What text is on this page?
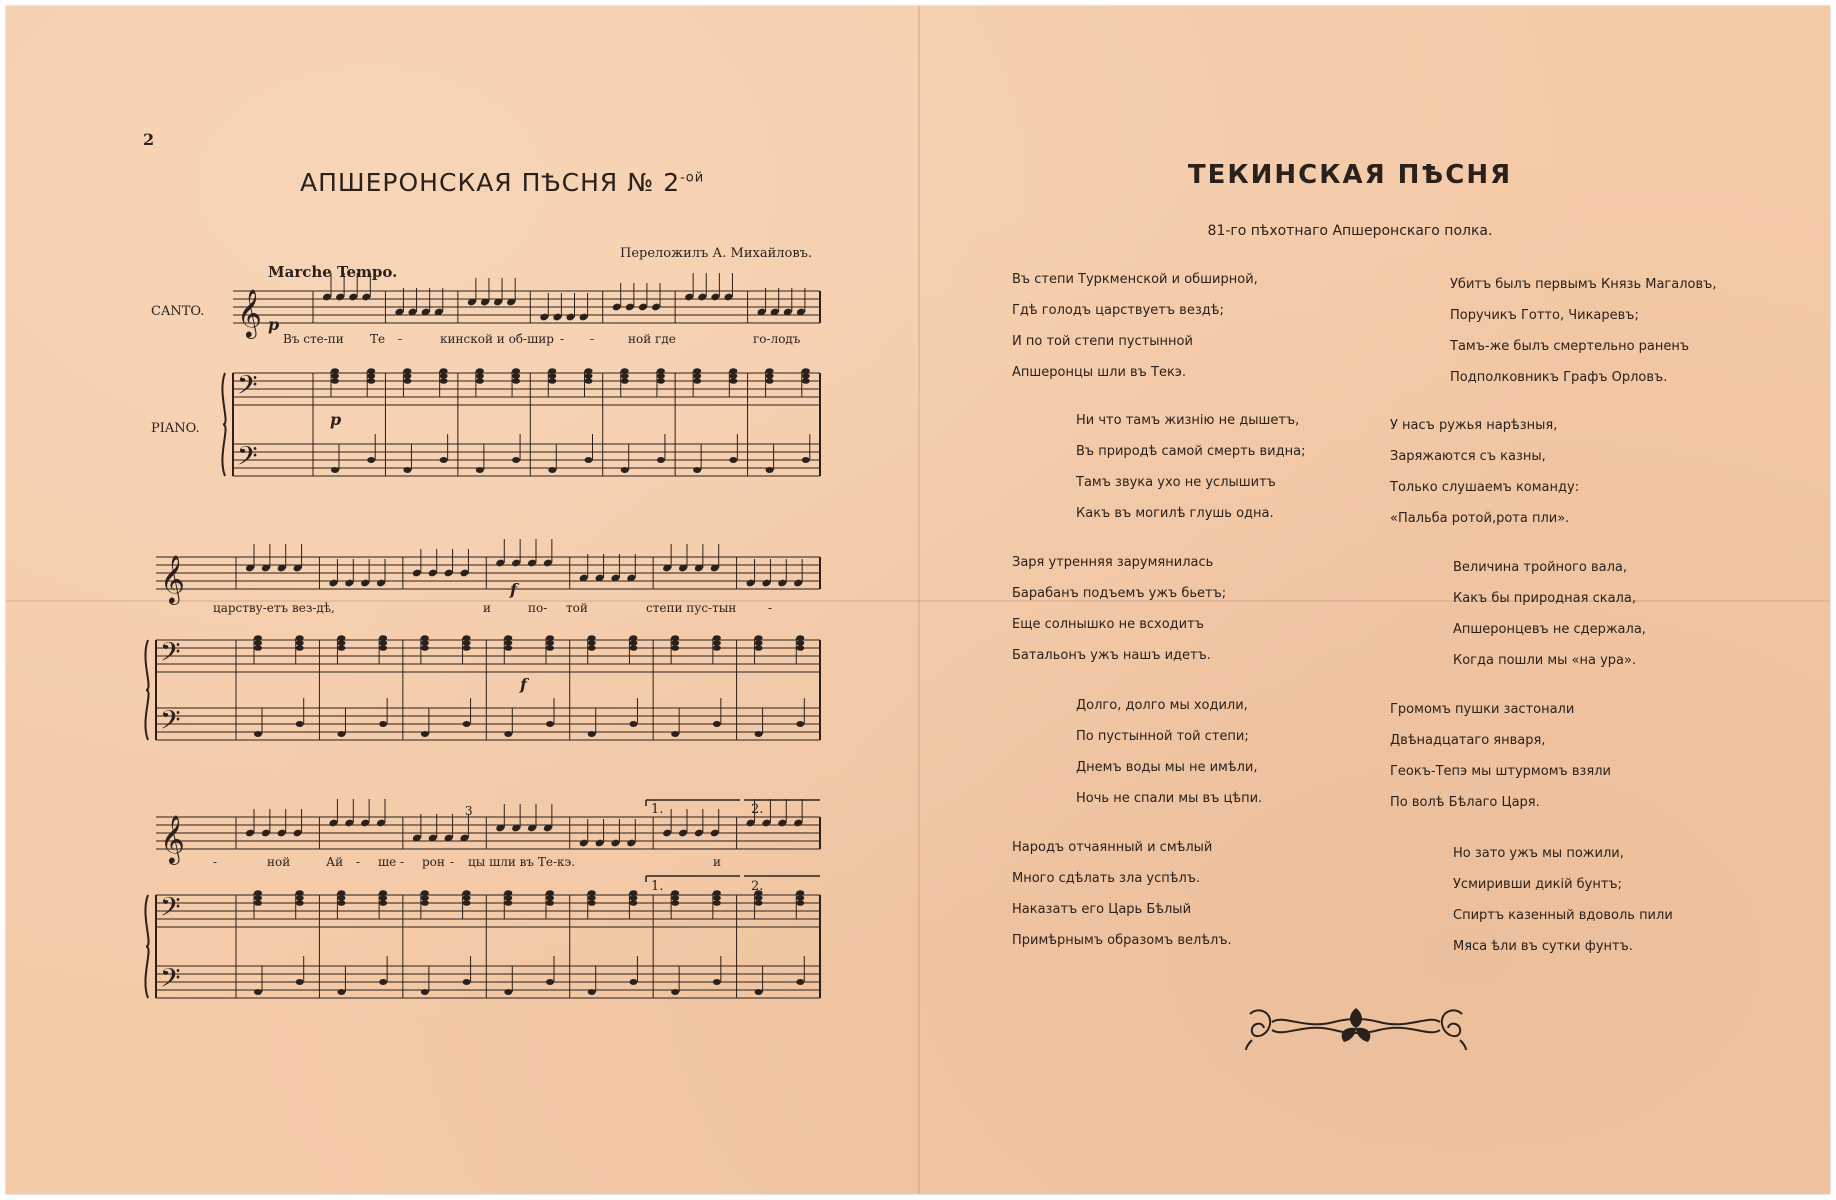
2
АПШЕРОНСКАЯ ПѢСНЯ № $2^{-ой}$
Переложилъ А. Михайловъ.
Marche Tempo.
𝄞
𝄢
𝄢
𝄞
𝄢
𝄢
𝄞
𝄢
𝄢
CANTO.
PIANO.
p
p
f
f
1.	2.
1.	2.
3
Въ сте-пи Те -	кинской и об-шир - -	ной где	го-лодъ
царству-етъ вез-дѣ,	и	по- той	степи пус-тын	-
-	ной	Ай - ше - рон - цы шли въ Те-кэ.	и
ТЕКИНСКАЯ ПѢСНЯ
81-го пѣхотнаго Апшеронскаго полка.
Въ степи Туркменской и обширной,
Гдѣ голодъ царствуетъ вездѣ;
И по той степи пустынной
Апшеронцы шли въ Текэ.
Ни что тамъ жизнію не дышетъ,
Въ природѣ самой смерть видна;
Тамъ звука ухо не услышитъ
Какъ въ могилѣ глушь одна.
Заря утренняя зарумянилась
Барабанъ подъемъ ужъ бьетъ;
Еще солнышко не всходитъ
Батальонъ ужъ нашъ идетъ.
Долго, долго мы ходили,
По пустынной той степи;
Днемъ воды мы не имѣли,
Ночь не спали мы въ цѣпи.
Народъ отчаянный и смѣлый
Много сдѣлать зла успѣлъ.
Наказатъ его Царь Бѣлый
Примѣрнымъ образомъ велѣлъ.
Убитъ былъ первымъ Князь Магаловъ,
Поручикъ Готто, Чикаревъ;
Тамъ-же былъ смертельно раненъ
Подполковникъ Графъ Орловъ.
У насъ ружья нарѣзныя,
Заряжаются съ казны,
Только слушаемъ команду:
«Пальба ротой,рота пли».
Величина тройного вала,
Какъ бы природная скала,
Апшеронцевъ не сдержала,
Когда пошли мы «на ура».
Громомъ пушки застонали
Двѣнадцатаго января,
Геокъ-Тепэ мы штурмомъ взяли
По волѣ Бѣлаго Царя.
Но зато ужъ мы пожили,
Усмиривши дикій бунтъ;
Спиртъ казенный вдоволь пили
Мяса ѣли въ сутки фунтъ.
